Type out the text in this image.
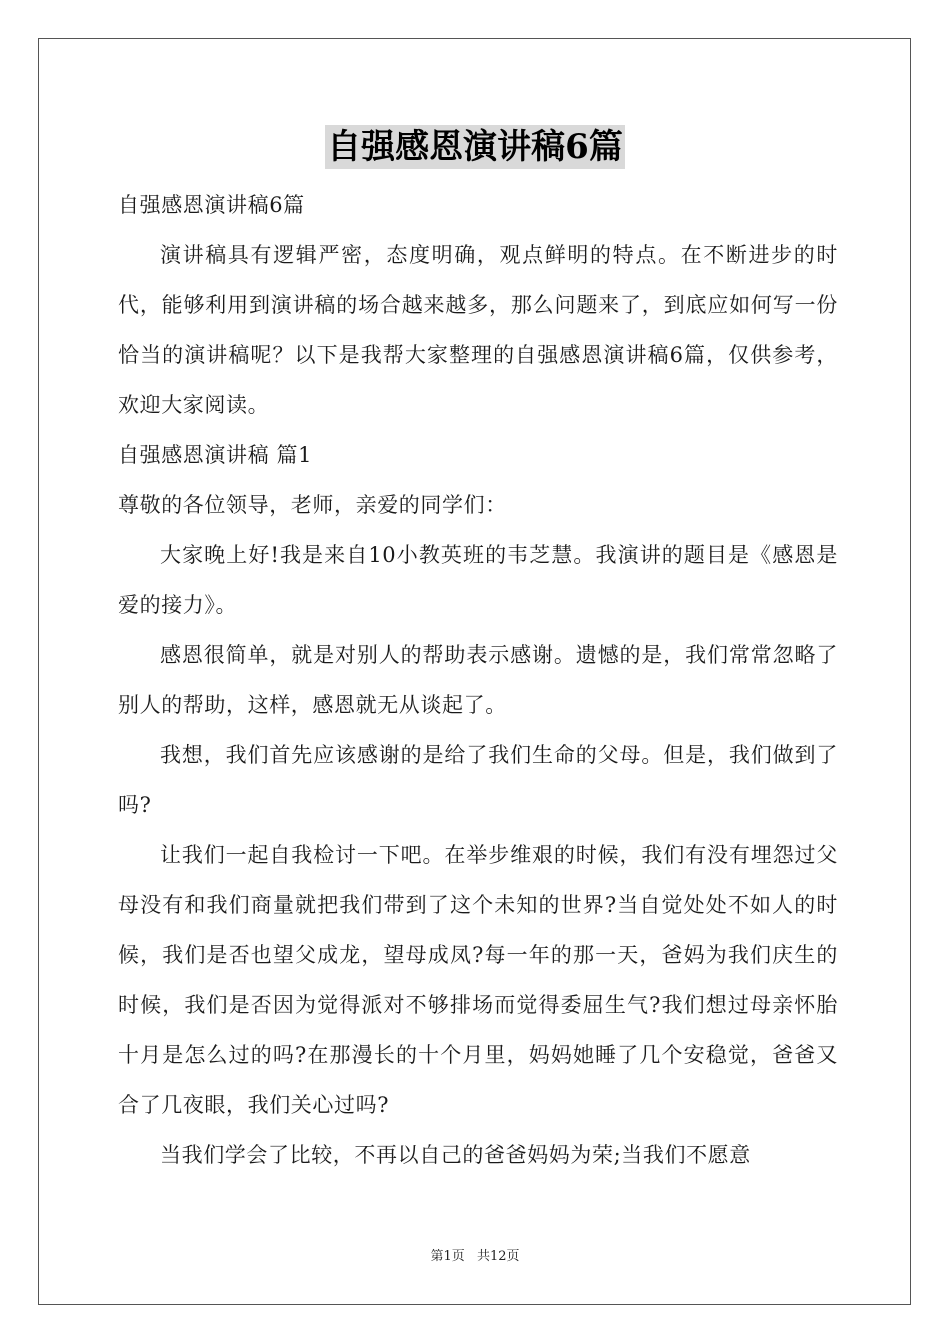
自强感恩演讲稿6篇

自强感恩演讲稿6篇

演讲稿具有逻辑严密，态度明确，观点鲜明的特点。在不断进步的时代，能够利用到演讲稿的场合越来越多，那么问题来了，到底应如何写一份恰当的演讲稿呢？以下是我帮大家整理的自强感恩演讲稿6篇，仅供参考，欢迎大家阅读。

自强感恩演讲稿 篇1

尊敬的各位领导，老师，亲爱的同学们：

大家晚上好!我是来自10小教英班的韦芝慧。我演讲的题目是《感恩是爱的接力》。

感恩很简单，就是对别人的帮助表示感谢。遗憾的是，我们常常忽略了别人的帮助，这样，感恩就无从谈起了。

我想，我们首先应该感谢的是给了我们生命的父母。但是，我们做到了吗?

让我们一起自我检讨一下吧。在举步维艰的时候，我们有没有埋怨过父母没有和我们商量就把我们带到了这个未知的世界?当自觉处处不如人的时候，我们是否也望父成龙，望母成凤?每一年的那一天，爸妈为我们庆生的时候，我们是否因为觉得派对不够排场而觉得委屈生气?我们想过母亲怀胎十月是怎么过的吗?在那漫长的十个月里，妈妈她睡了几个安稳觉，爸爸又合了几夜眼，我们关心过吗?

当我们学会了比较，不再以自己的爸爸妈妈为荣;当我们不愿意

第1页 共12页
